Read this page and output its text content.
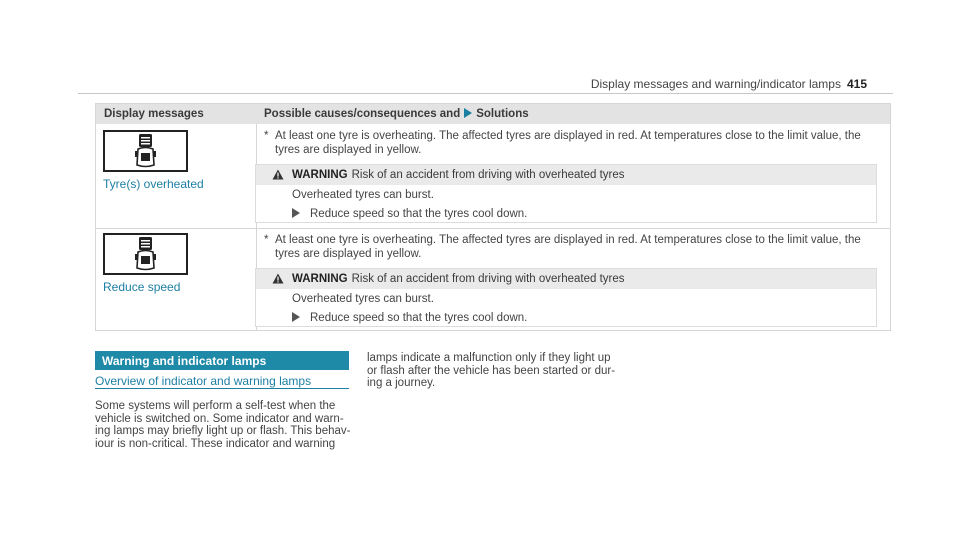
Display messages and warning/indicator lamps 415
Display messages	Possible causes/consequences and Solutions
Tyre(s) overheated
* At least one tyre is overheating. The affected tyres are displayed in red. At temperatures close to the limit value, the
tyres are displayed in yellow.
WARNING Risk of an accident from driving with overheated tyres
Overheated tyres can burst.
Reduce speed so that the tyres cool down.
Reduce speed
* At least one tyre is overheating. The affected tyres are displayed in red. At temperatures close to the limit value, the
tyres are displayed in yellow.
WARNING Risk of an accident from driving with overheated tyres
Overheated tyres can burst.
Reduce speed so that the tyres cool down.
Warning and indicator lamps
Overview of indicator and warning lamps
Some systems will perform a self-test when the
vehicle is switched on. Some indicator and warn-
ing lamps may briefly light up or flash. This behav-
iour is non-critical. These indicator and warning
lamps indicate a malfunction only if they light up
or flash after the vehicle has been started or dur-
ing a journey.
